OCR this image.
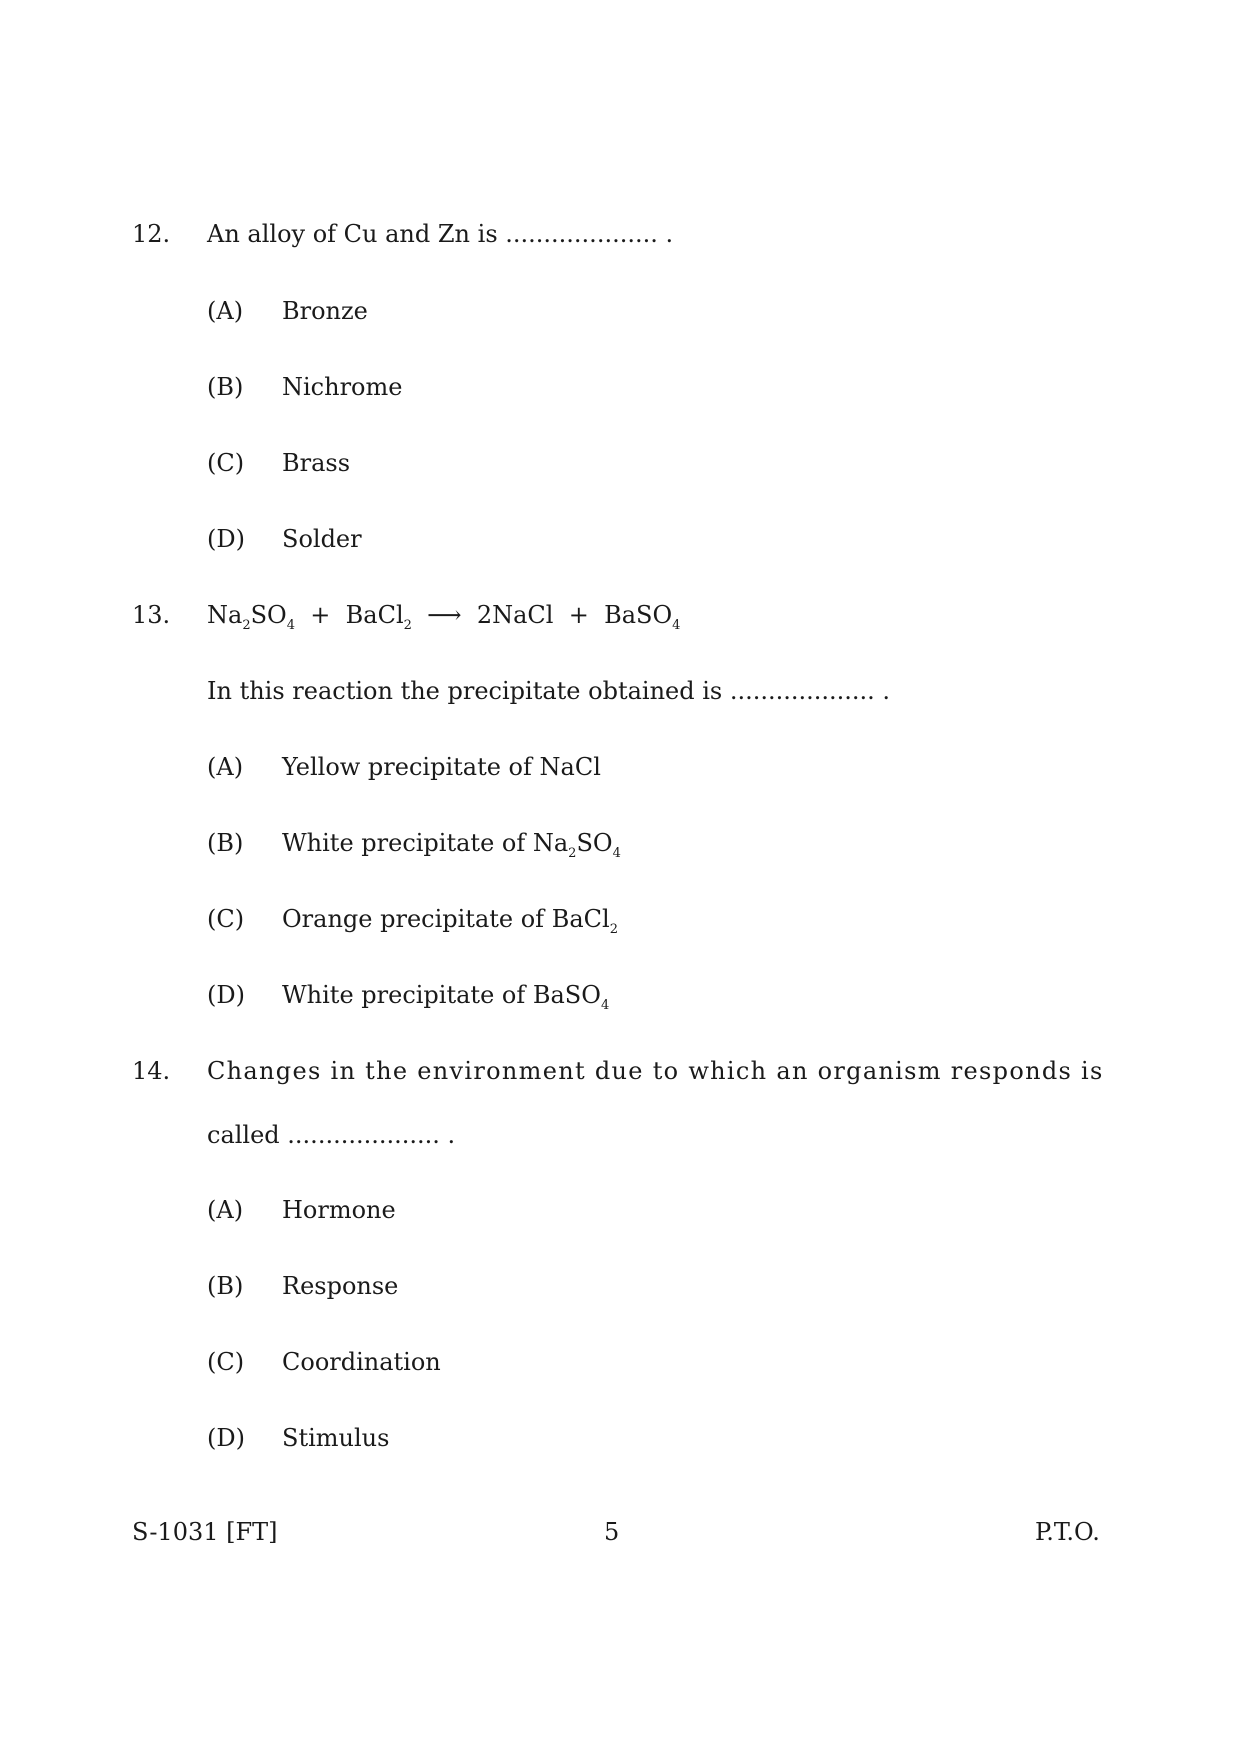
12. An alloy of Cu and Zn is .................... .
(A) Bronze
(B) Nichrome
(C) Brass
(D) Solder
13. $Na_2SO_4$ + BaCl$_2$ ⟶ 2NaCl + BaSO$_4$
In this reaction the precipitate obtained is ................... .
(A) Yellow precipitate of NaCl
(B) White precipitate of $Na_2SO_4$
(C) Orange precipitate of BaCl$_2$
(D) White precipitate of BaSO$_4$
14. Changes in the environment due to which an organism responds is
called .................... .
(A) Hormone
(B) Response
(C) Coordination
(D) Stimulus
S-1031 [FT]	5	P.T.O.
